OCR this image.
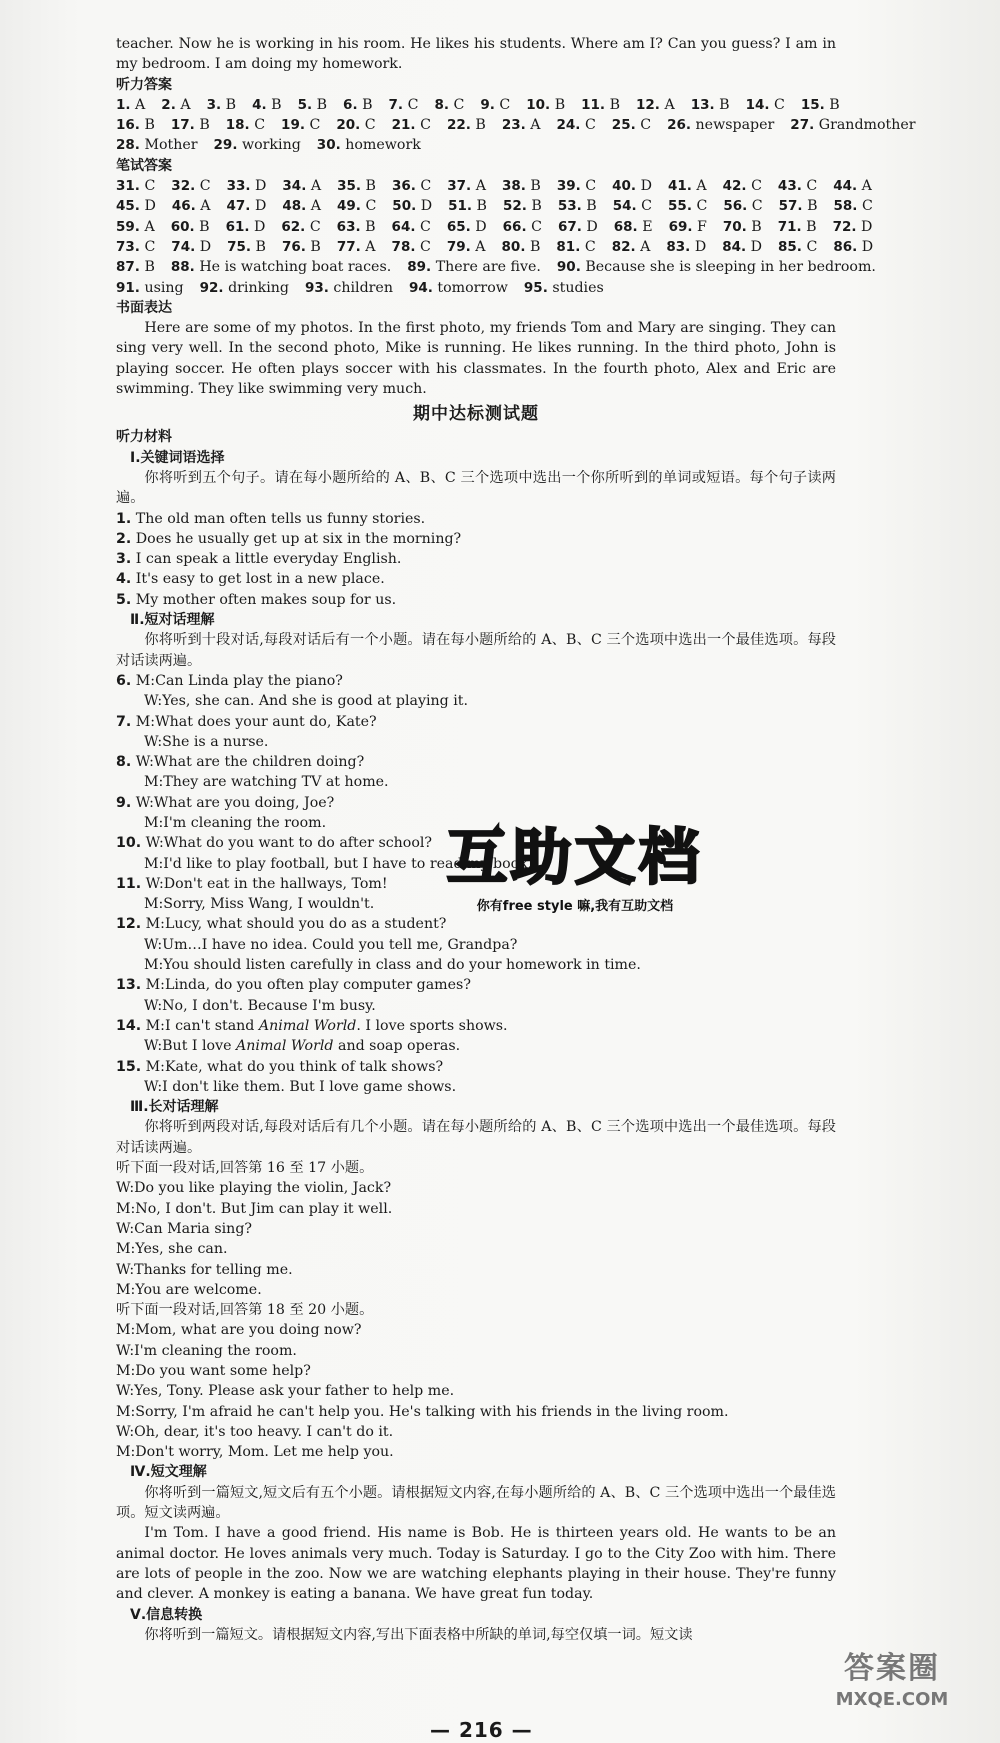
teacher. Now he is working in his room. He likes his students. Where am I? Can you guess? I am in my bedroom. I am doing my homework.

听力答案

1. A 2. A 3. B 4. B 5. B 6. B 7. C 8. C 9. C 10. B 11. B 12. A 13. B 14. C 15. B
16. B 17. B 18. C 19. C 20. C 21. C 22. B 23. A 24. C 25. C 26. newspaper 27. Grandmother
28. Mother 29. working 30. homework

笔试答案

31. C 32. C 33. D 34. A 35. B 36. C 37. A 38. B 39. C 40. D 41. A 42. C 43. C 44. A
45. D 46. A 47. D 48. A 49. C 50. D 51. B 52. B 53. B 54. C 55. C 56. C 57. B 58. C
59. A 60. B 61. D 62. C 63. B 64. C 65. D 66. C 67. D 68. E 69. F 70. B 71. B 72. D
73. C 74. D 75. B 76. B 77. A 78. C 79. A 80. B 81. C 82. A 83. D 84. D 85. C 86. D
87. B 88. He is watching boat races. 89. There are five. 90. Because she is sleeping in her bedroom.
91. using 92. drinking 93. children 94. tomorrow 95. studies

书面表达

Here are some of my photos. In the first photo, my friends Tom and Mary are singing. They can sing very well. In the second photo, Mike is running. He likes running. In the third photo, John is playing soccer. He often plays soccer with his classmates. In the fourth photo, Alex and Eric are swimming. They like swimming very much.

期中达标测试题

听力材料

Ⅰ.关键词语选择

你将听到五个句子。请在每小题所给的 A、B、C 三个选项中选出一个你所听到的单词或短语。每个句子读两遍。

1. The old man often tells us funny stories.

2. Does he usually get up at six in the morning?

3. I can speak a little everyday English.

4. It's easy to get lost in a new place.

5. My mother often makes soup for us.

Ⅱ.短对话理解

你将听到十段对话,每段对话后有一个小题。请在每小题所给的 A、B、C 三个选项中选出一个最佳选项。每段对话读两遍。

6. M:Can Linda play the piano?

W:Yes, she can. And she is good at playing it.

7. M:What does your aunt do, Kate?

W:She is a nurse.

8. W:What are the children doing?

M:They are watching TV at home.

9. W:What are you doing, Joe?

M:I'm cleaning the room.

10. W:What do you want to do after school?

M:I'd like to play football, but I have to read my book.

11. W:Don't eat in the hallways, Tom!

M:Sorry, Miss Wang, I wouldn't.

12. M:Lucy, what should you do as a student?

W:Um…I have no idea. Could you tell me, Grandpa?

M:You should listen carefully in class and do your homework in time.

13. M:Linda, do you often play computer games?

W:No, I don't. Because I'm busy.

14. M:I can't stand Animal World. I love sports shows.

W:But I love Animal World and soap operas.

15. M:Kate, what do you think of talk shows?

W:I don't like them. But I love game shows.

Ⅲ.长对话理解

你将听到两段对话,每段对话后有几个小题。请在每小题所给的 A、B、C 三个选项中选出一个最佳选项。每段对话读两遍。

听下面一段对话,回答第 16 至 17 小题。

W:Do you like playing the violin, Jack?

M:No, I don't. But Jim can play it well.

W:Can Maria sing?

M:Yes, she can.

W:Thanks for telling me.

M:You are welcome.

听下面一段对话,回答第 18 至 20 小题。

M:Mom, what are you doing now?

W:I'm cleaning the room.

M:Do you want some help?

W:Yes, Tony. Please ask your father to help me.

M:Sorry, I'm afraid he can't help you. He's talking with his friends in the living room.

W:Oh, dear, it's too heavy. I can't do it.

M:Don't worry, Mom. Let me help you.

Ⅳ.短文理解

你将听到一篇短文,短文后有五个小题。请根据短文内容,在每小题所给的 A、B、C 三个选项中选出一个最佳选项。短文读两遍。

I'm Tom. I have a good friend. His name is Bob. He is thirteen years old. He wants to be an animal doctor. He loves animals very much. Today is Saturday. I go to the City Zoo with him. There are lots of people in the zoo. Now we are watching elephants playing in their house. They're funny and clever. A monkey is eating a banana. We have great fun today.

Ⅴ.信息转换

你将听到一篇短文。请根据短文内容,写出下面表格中所缺的单词,每空仅填一词。短文读

互助文档
你有free style 嘛,我有互助文档
— 216 —
答案圈
MXQE.COM
